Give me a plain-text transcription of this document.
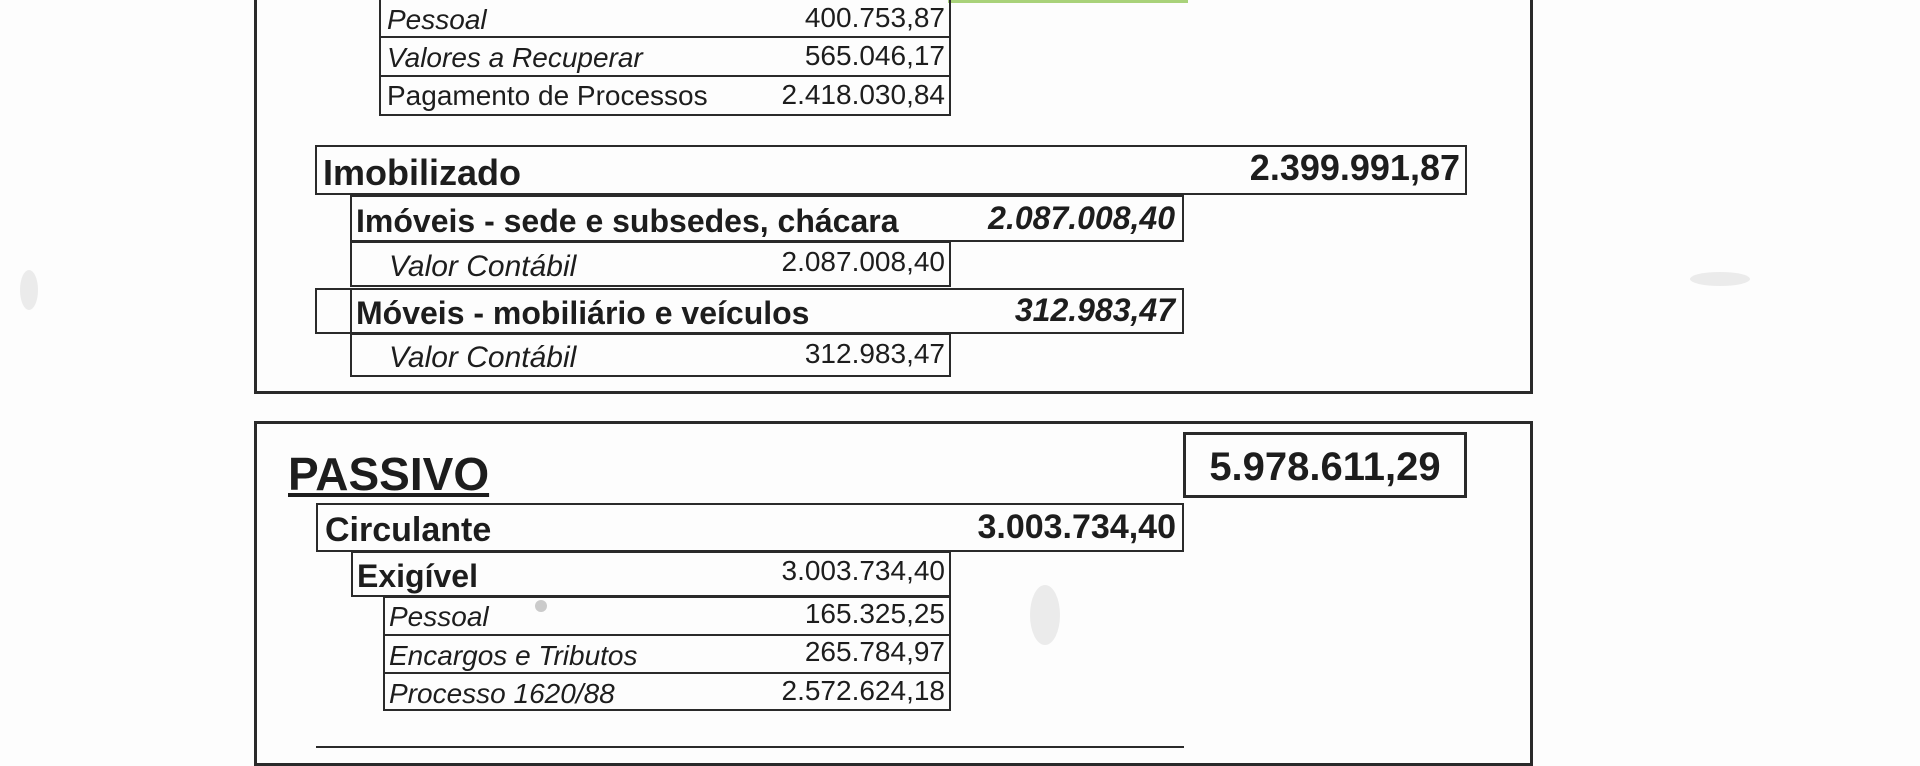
Pessoal	400.753,87
Valores a Recuperar	565.046,17
Pagamento de Processos	2.418.030,84
Imobilizado	2.399.991,87
Imóveis - sede e subsedes, chácara	2.087.008,40
Valor Contábil	2.087.008,40
Móveis - mobiliário e veículos	312.983,47
Valor Contábil	312.983,47
PASSIVO	5.978.611,29
Circulante	3.003.734,40
Exigível	3.003.734,40
Pessoal	165.325,25
Encargos e Tributos	265.784,97
Processo 1620/88	2.572.624,18
